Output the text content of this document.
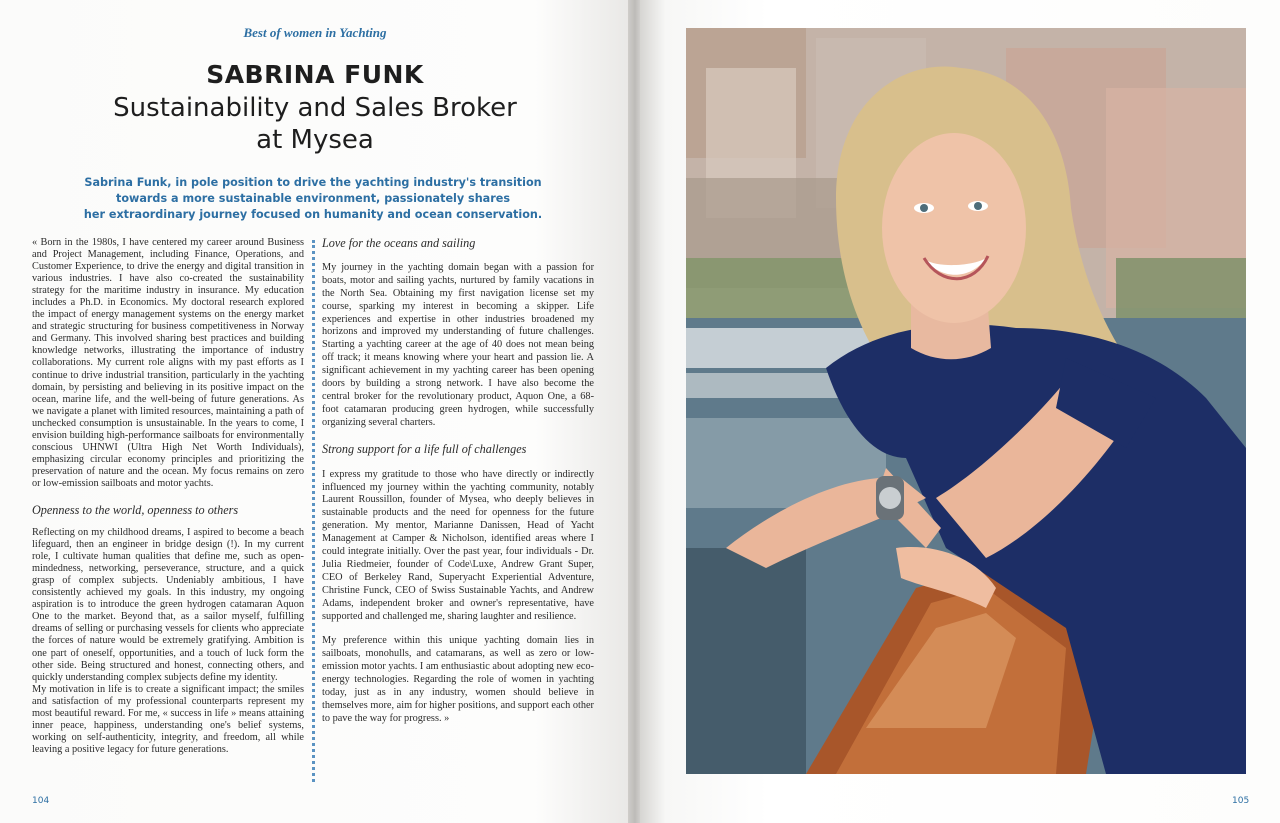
Best of women in Yachting
SABRINA FUNK
Sustainability and Sales Broker
at Mysea
Sabrina Funk, in pole position to drive the yachting industry's transition
towards a more sustainable environment, passionately shares
her extraordinary journey focused on humanity and ocean conservation.

« Born in the 1980s, I have centered my career around Business and Project Management, including Finance, Operations, and Customer Experience, to drive the energy and digital transition in various industries. I have also co-created the sustainability strategy for the maritime industry in insurance. My education includes a Ph.D. in Economics. My doctoral research explored the impact of energy management systems on the energy market and strategic structuring for business competitiveness in Norway and Germany. This involved sharing best practices and building knowledge networks, illustrating the importance of industry collaborations. My current role aligns with my past efforts as I continue to drive industrial transition, particularly in the yachting domain, by persisting and believing in its positive impact on the ocean, marine life, and the well-being of future generations. As we navigate a planet with limited resources, maintaining a path of unchecked consumption is unsustainable. In the years to come, I envision building high-performance sailboats for environmentally conscious UHNWI (Ultra High Net Worth Individuals), emphasizing circular economy principles and prioritizing the preservation of nature and the ocean. My focus remains on zero or low-emission sailboats and motor yachts.

Openness to the world, openness to others

Reflecting on my childhood dreams, I aspired to become a beach lifeguard, then an engineer in bridge design (!). In my current role, I cultivate human qualities that define me, such as open-mindedness, networking, perseverance, structure, and a quick grasp of complex subjects. Undeniably ambitious, I have consistently achieved my goals. In this industry, my ongoing aspiration is to introduce the green hydrogen catamaran Aquon One to the market. Beyond that, as a sailor myself, fulfilling dreams of selling or purchasing vessels for clients who appreciate the forces of nature would be extremely gratifying. Ambition is one part of oneself, opportunities, and a touch of luck form the other side. Being structured and honest, connecting others, and quickly understanding complex subjects define my identity.

My motivation in life is to create a significant impact; the smiles and satisfaction of my professional counterparts represent my most beautiful reward. For me, « success in life » means attaining inner peace, happiness, understanding one's belief systems, working on self-authenticity, integrity, and freedom, all while leaving a positive legacy for future generations.

Love for the oceans and sailing

My journey in the yachting domain began with a passion for boats, motor and sailing yachts, nurtured by family vacations in the North Sea. Obtaining my first navigation license set my course, sparking my interest in becoming a skipper. Life experiences and expertise in other industries broadened my horizons and improved my understanding of future challenges. Starting a yachting career at the age of 40 does not mean being off track; it means knowing where your heart and passion lie. A significant achievement in my yachting career has been opening doors by building a strong network. I have also become the central broker for the revolutionary product, Aquon One, a 68-foot catamaran producing green hydrogen, while successfully organizing several charters.

Strong support for a life full of challenges

I express my gratitude to those who have directly or indirectly influenced my journey within the yachting community, notably Laurent Roussillon, founder of Mysea, who deeply believes in sustainable products and the need for openness for the future generation. My mentor, Marianne Danissen, Head of Yacht Management at Camper & Nicholson, identified areas where I could integrate initially. Over the past year, four individuals - Dr. Julia Riedmeier, founder of Code\Luxe, Andrew Grant Super, CEO of Berkeley Rand, Superyacht Experiential Adventure, Christine Funck, CEO of Swiss Sustainable Yachts, and Andrew Adams, independent broker and owner's representative, have supported and challenged me, sharing laughter and resilience.

My preference within this unique yachting domain lies in sailboats, monohulls, and catamarans, as well as zero or low-emission motor yachts. I am enthusiastic about adopting new eco-energy technologies. Regarding the role of women in yachting today, just as in any industry, women should believe in themselves more, aim for higher positions, and support each other to pave the way for progress. »

104	105
